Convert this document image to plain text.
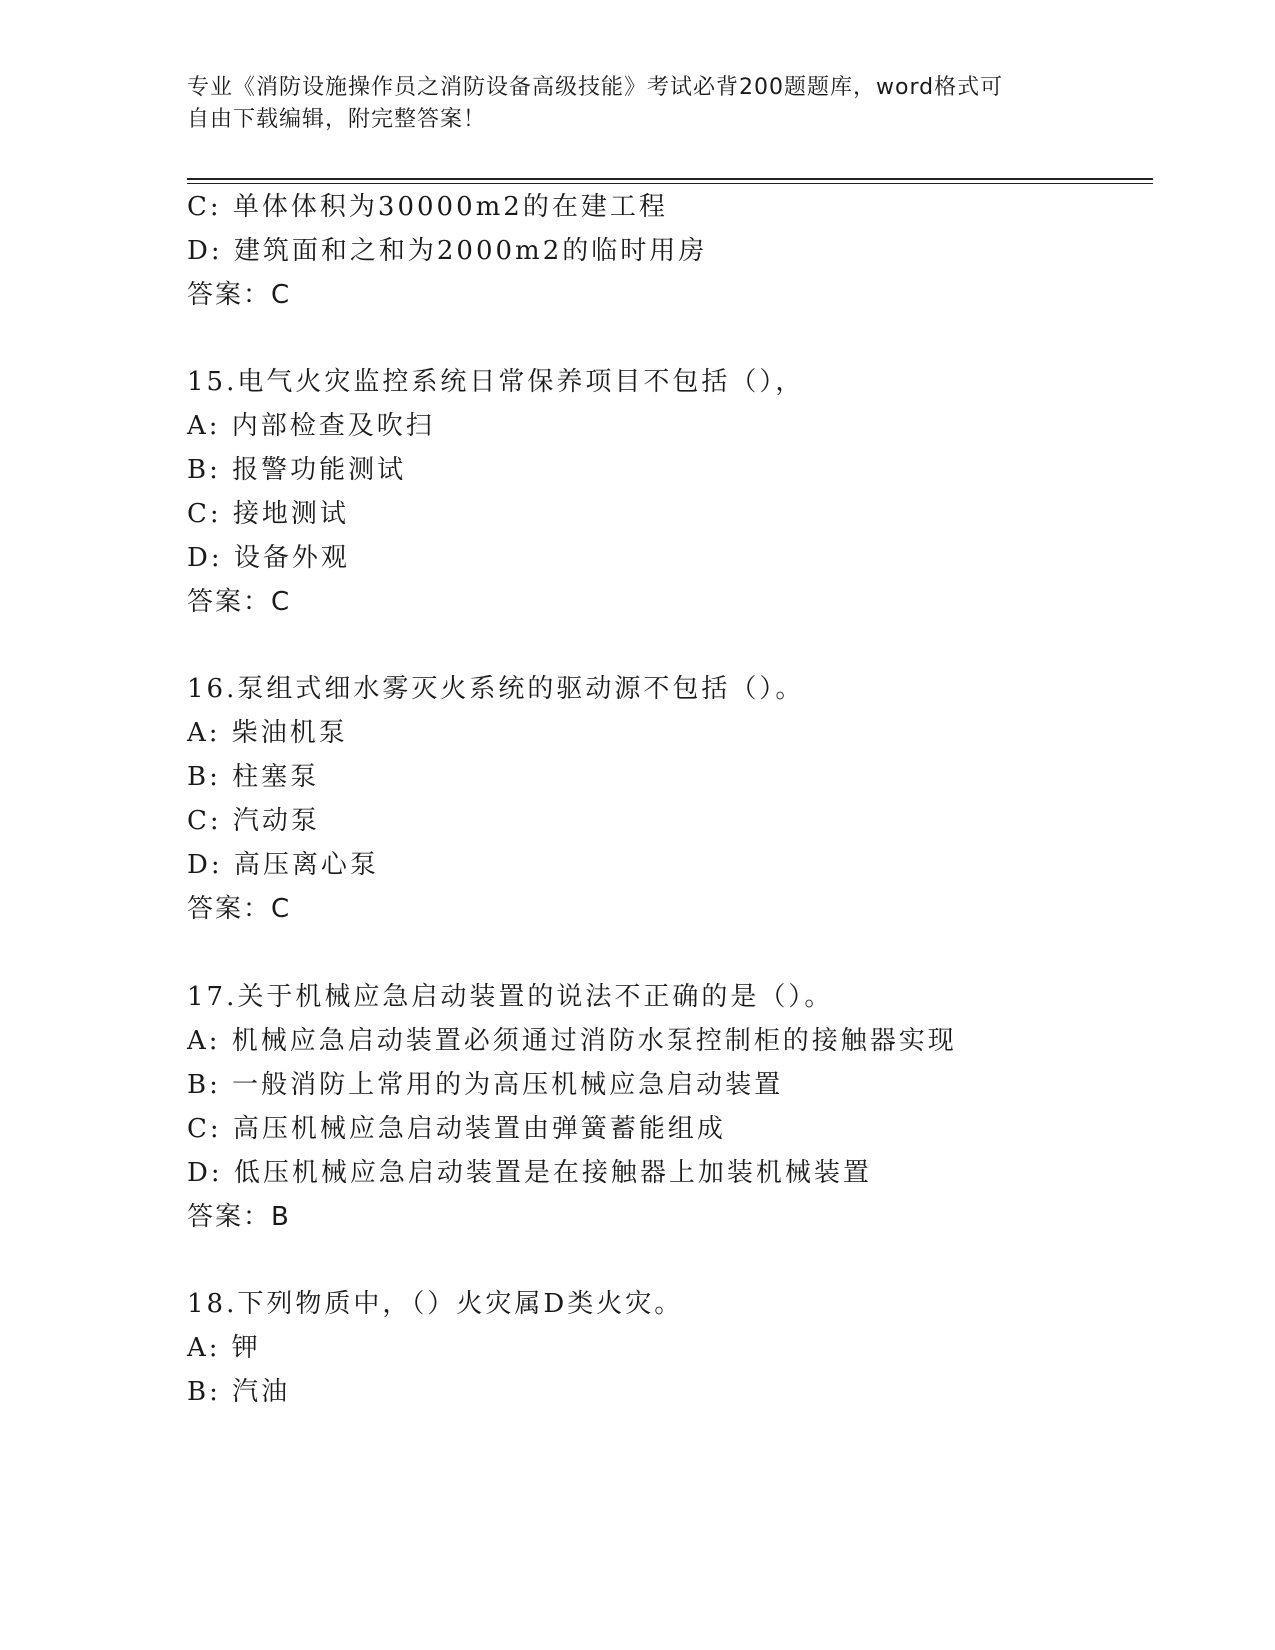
专业《消防设施操作员之消防设备高级技能》考试必背200题题库，word格式可
自由下载编辑，附完整答案！
C: 单体体积为30000m2的在建工程
D: 建筑面和之和为2000m2的临时用房
答案：C
15.电气火灾监控系统日常保养项目不包括（），
A: 内部检查及吹扫
B: 报警功能测试
C: 接地测试
D: 设备外观
答案：C
16.泵组式细水雾灭火系统的驱动源不包括（）。
A: 柴油机泵
B: 柱塞泵
C: 汽动泵
D: 高压离心泵
答案：C
17.关于机械应急启动装置的说法不正确的是（）。
A: 机械应急启动装置必须通过消防水泵控制柜的接触器实现
B: 一般消防上常用的为高压机械应急启动装置
C: 高压机械应急启动装置由弹簧蓄能组成
D: 低压机械应急启动装置是在接触器上加装机械装置
答案：B
18.下列物质中，（）火灾属D类火灾。
A: 钾
B: 汽油
